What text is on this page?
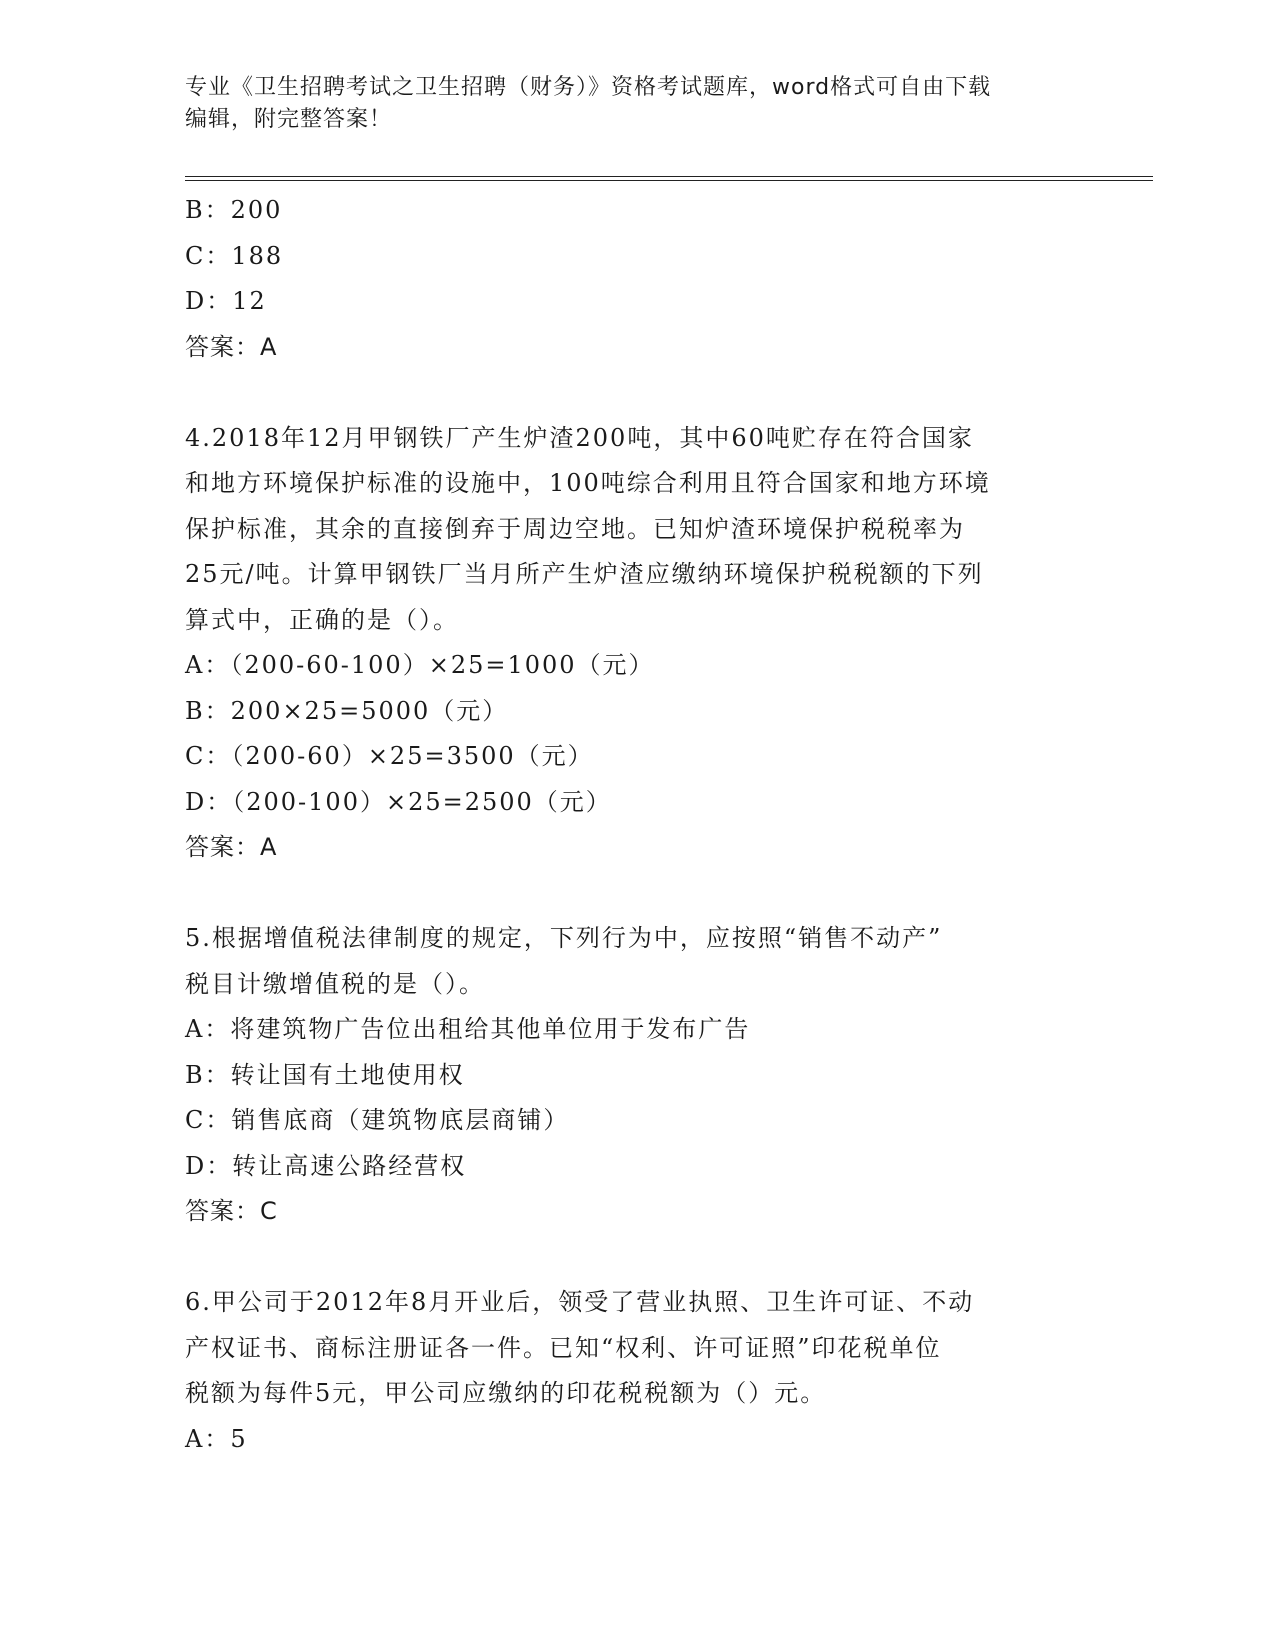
专业《卫生招聘考试之卫生招聘（财务）》资格考试题库，word格式可自由下载
编辑，附完整答案！
B：200
C：188
D：12
答案：A
4.2018年12月甲钢铁厂产生炉渣200吨，其中60吨贮存在符合国家
和地方环境保护标准的设施中，100吨综合利用且符合国家和地方环境
保护标准，其余的直接倒弃于周边空地。已知炉渣环境保护税税率为
25元/吨。计算甲钢铁厂当月所产生炉渣应缴纳环境保护税税额的下列
算式中，正确的是（）。
A：（200-60-100）×25=1000（元）
B：200×25=5000（元）
C：（200-60）×25=3500（元）
D：（200-100）×25=2500（元）
答案：A
5.根据增值税法律制度的规定，下列行为中，应按照“销售不动产”
税目计缴增值税的是（）。
A：将建筑物广告位出租给其他单位用于发布广告
B：转让国有土地使用权
C：销售底商（建筑物底层商铺）
D：转让高速公路经营权
答案：C
6.甲公司于2012年8月开业后，领受了营业执照、卫生许可证、不动
产权证书、商标注册证各一件。已知“权利、许可证照”印花税单位
税额为每件5元，甲公司应缴纳的印花税税额为（）元。
A：5
